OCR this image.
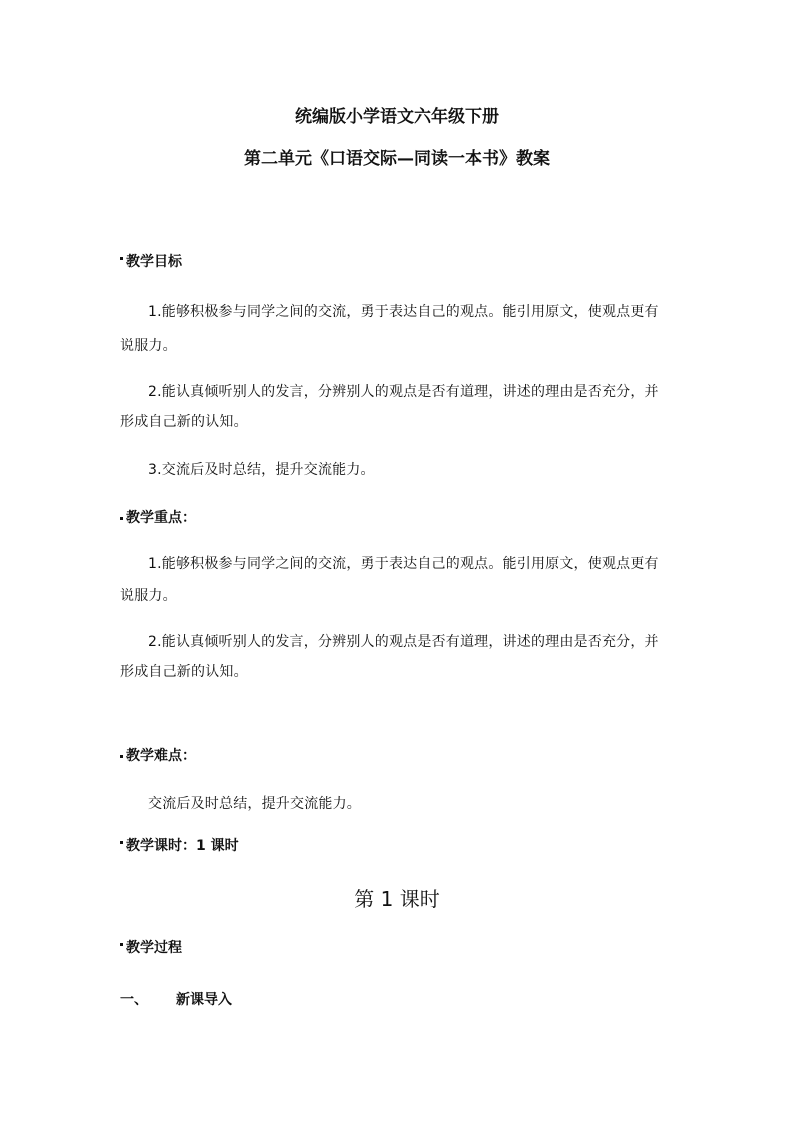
统编版小学语文六年级下册
第二单元《口语交际—同读一本书》教案
教学目标
1.能够积极参与同学之间的交流，勇于表达自己的观点。能引用原文，使观点更有
说服力。
2.能认真倾听别人的发言，分辨别人的观点是否有道理，讲述的理由是否充分，并
形成自己新的认知。
3.交流后及时总结，提升交流能力。
教学重点：
1.能够积极参与同学之间的交流，勇于表达自己的观点。能引用原文，使观点更有
说服力。
2.能认真倾听别人的发言，分辨别人的观点是否有道理，讲述的理由是否充分，并
形成自己新的认知。
教学难点：
交流后及时总结，提升交流能力。
教学课时：1 课时
第 1 课时
教学过程
一、	新课导入
